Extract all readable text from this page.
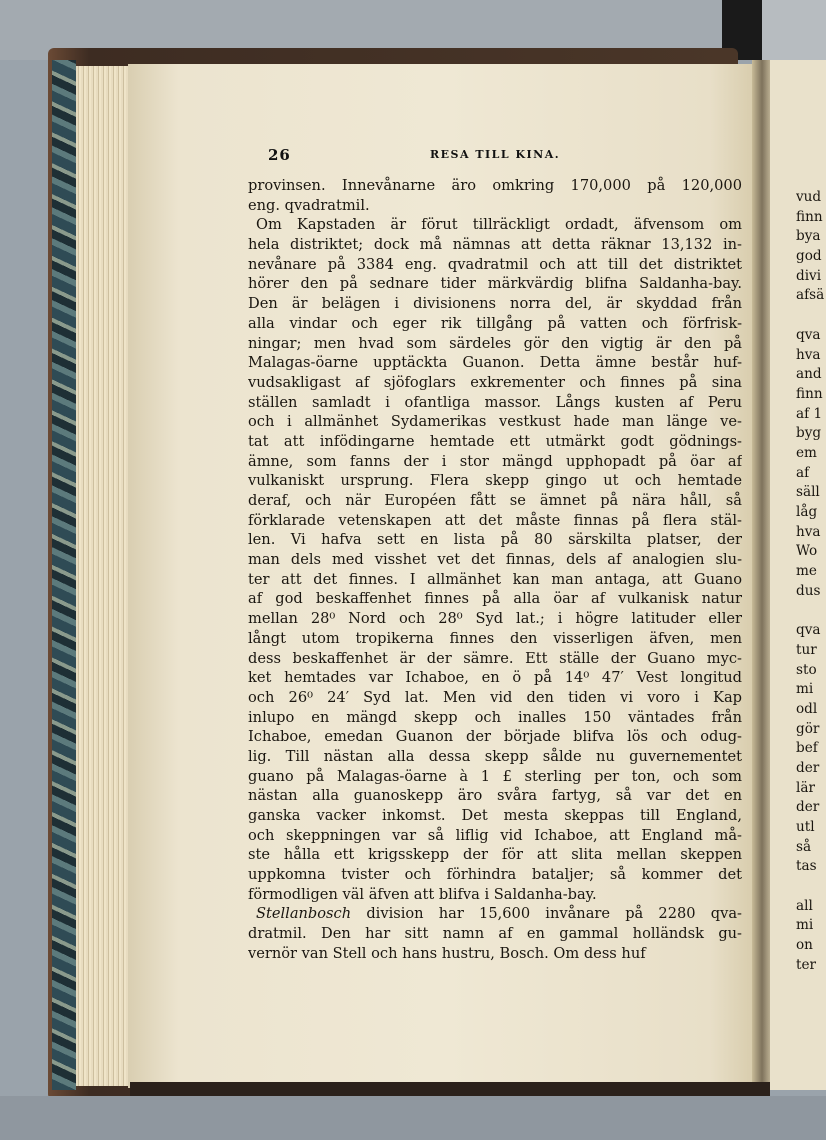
26	RESA TILL KINA.
provinsen. Innevånarne äro omkring 170,000 på 120,000
eng. qvadratmil.
Om Kapstaden är förut tillräckligt ordadt, äfvensom om
hela distriktet; dock må nämnas att detta räknar 13,132 in-
nevånare på 3384 eng. qvadratmil och att till det distriktet
hörer den på sednare tider märkvärdig blifna Saldanha-bay.
Den är belägen i divisionens norra del, är skyddad från
alla vindar och eger rik tillgång på vatten och förfrisk-
ningar; men hvad som särdeles gör den vigtig är den på
Malagas-öarne upptäckta Guanon. Detta ämne består huf-
vudsakligast af sjöfoglars exkrementer och finnes på sina
ställen samladt i ofantliga massor. Långs kusten af Peru
och i allmänhet Sydamerikas vestkust hade man länge ve-
tat att infödingarne hemtade ett utmärkt godt gödnings-
ämne, som fanns der i stor mängd upphopadt på öar af
vulkaniskt ursprung. Flera skepp gingo ut och hemtade
deraf, och när Européen fått se ämnet på nära håll, så
förklarade vetenskapen att det måste finnas på flera stäl-
len. Vi hafva sett en lista på 80 särskilta platser, der
man dels med visshet vet det finnas, dels af analogien slu-
ter att det finnes. I allmänhet kan man antaga, att Guano
af god beskaffenhet finnes på alla öar af vulkanisk natur
mellan 28⁰ Nord och 28⁰ Syd lat.; i högre latituder eller
långt utom tropikerna finnes den visserligen äfven, men
dess beskaffenhet är der sämre. Ett ställe der Guano myc-
ket hemtades var Ichaboe, en ö på 14⁰ 47′ Vest longitud
och 26⁰ 24′ Syd lat. Men vid den tiden vi voro i Kap
inlupo en mängd skepp och inalles 150 väntades från
Ichaboe, emedan Guanon der började blifva lös och odug-
lig. Till nästan alla dessa skepp sålde nu guvernementet
guano på Malagas-öarne à 1 £ sterling per ton, och som
nästan alla guanoskepp äro svåra fartyg, så var det en
ganska vacker inkomst. Det mesta skeppas till England,
och skeppningen var så liflig vid Ichaboe, att England må-
ste hålla ett krigsskepp der för att slita mellan skeppen
uppkomna tvister och förhindra bataljer; så kommer det
förmodligen väl äfven att blifva i Saldanha-bay.
Stellanbosch division har 15,600 invånare på 2280 qva-
dratmil. Den har sitt namn af en gammal holländsk gu-
vernör van Stell och hans hustru, Bosch. Om dess huf
vud
finn
bya
god
divi
afsä
qva
hva
and
finn
af 1
byg
em
af
säll
låg
hva
Wo
me
dus
qva
tur
sto
mi
odl
gör
bef
der
lär
der
utl
så
tas
all
mi
on
ter
